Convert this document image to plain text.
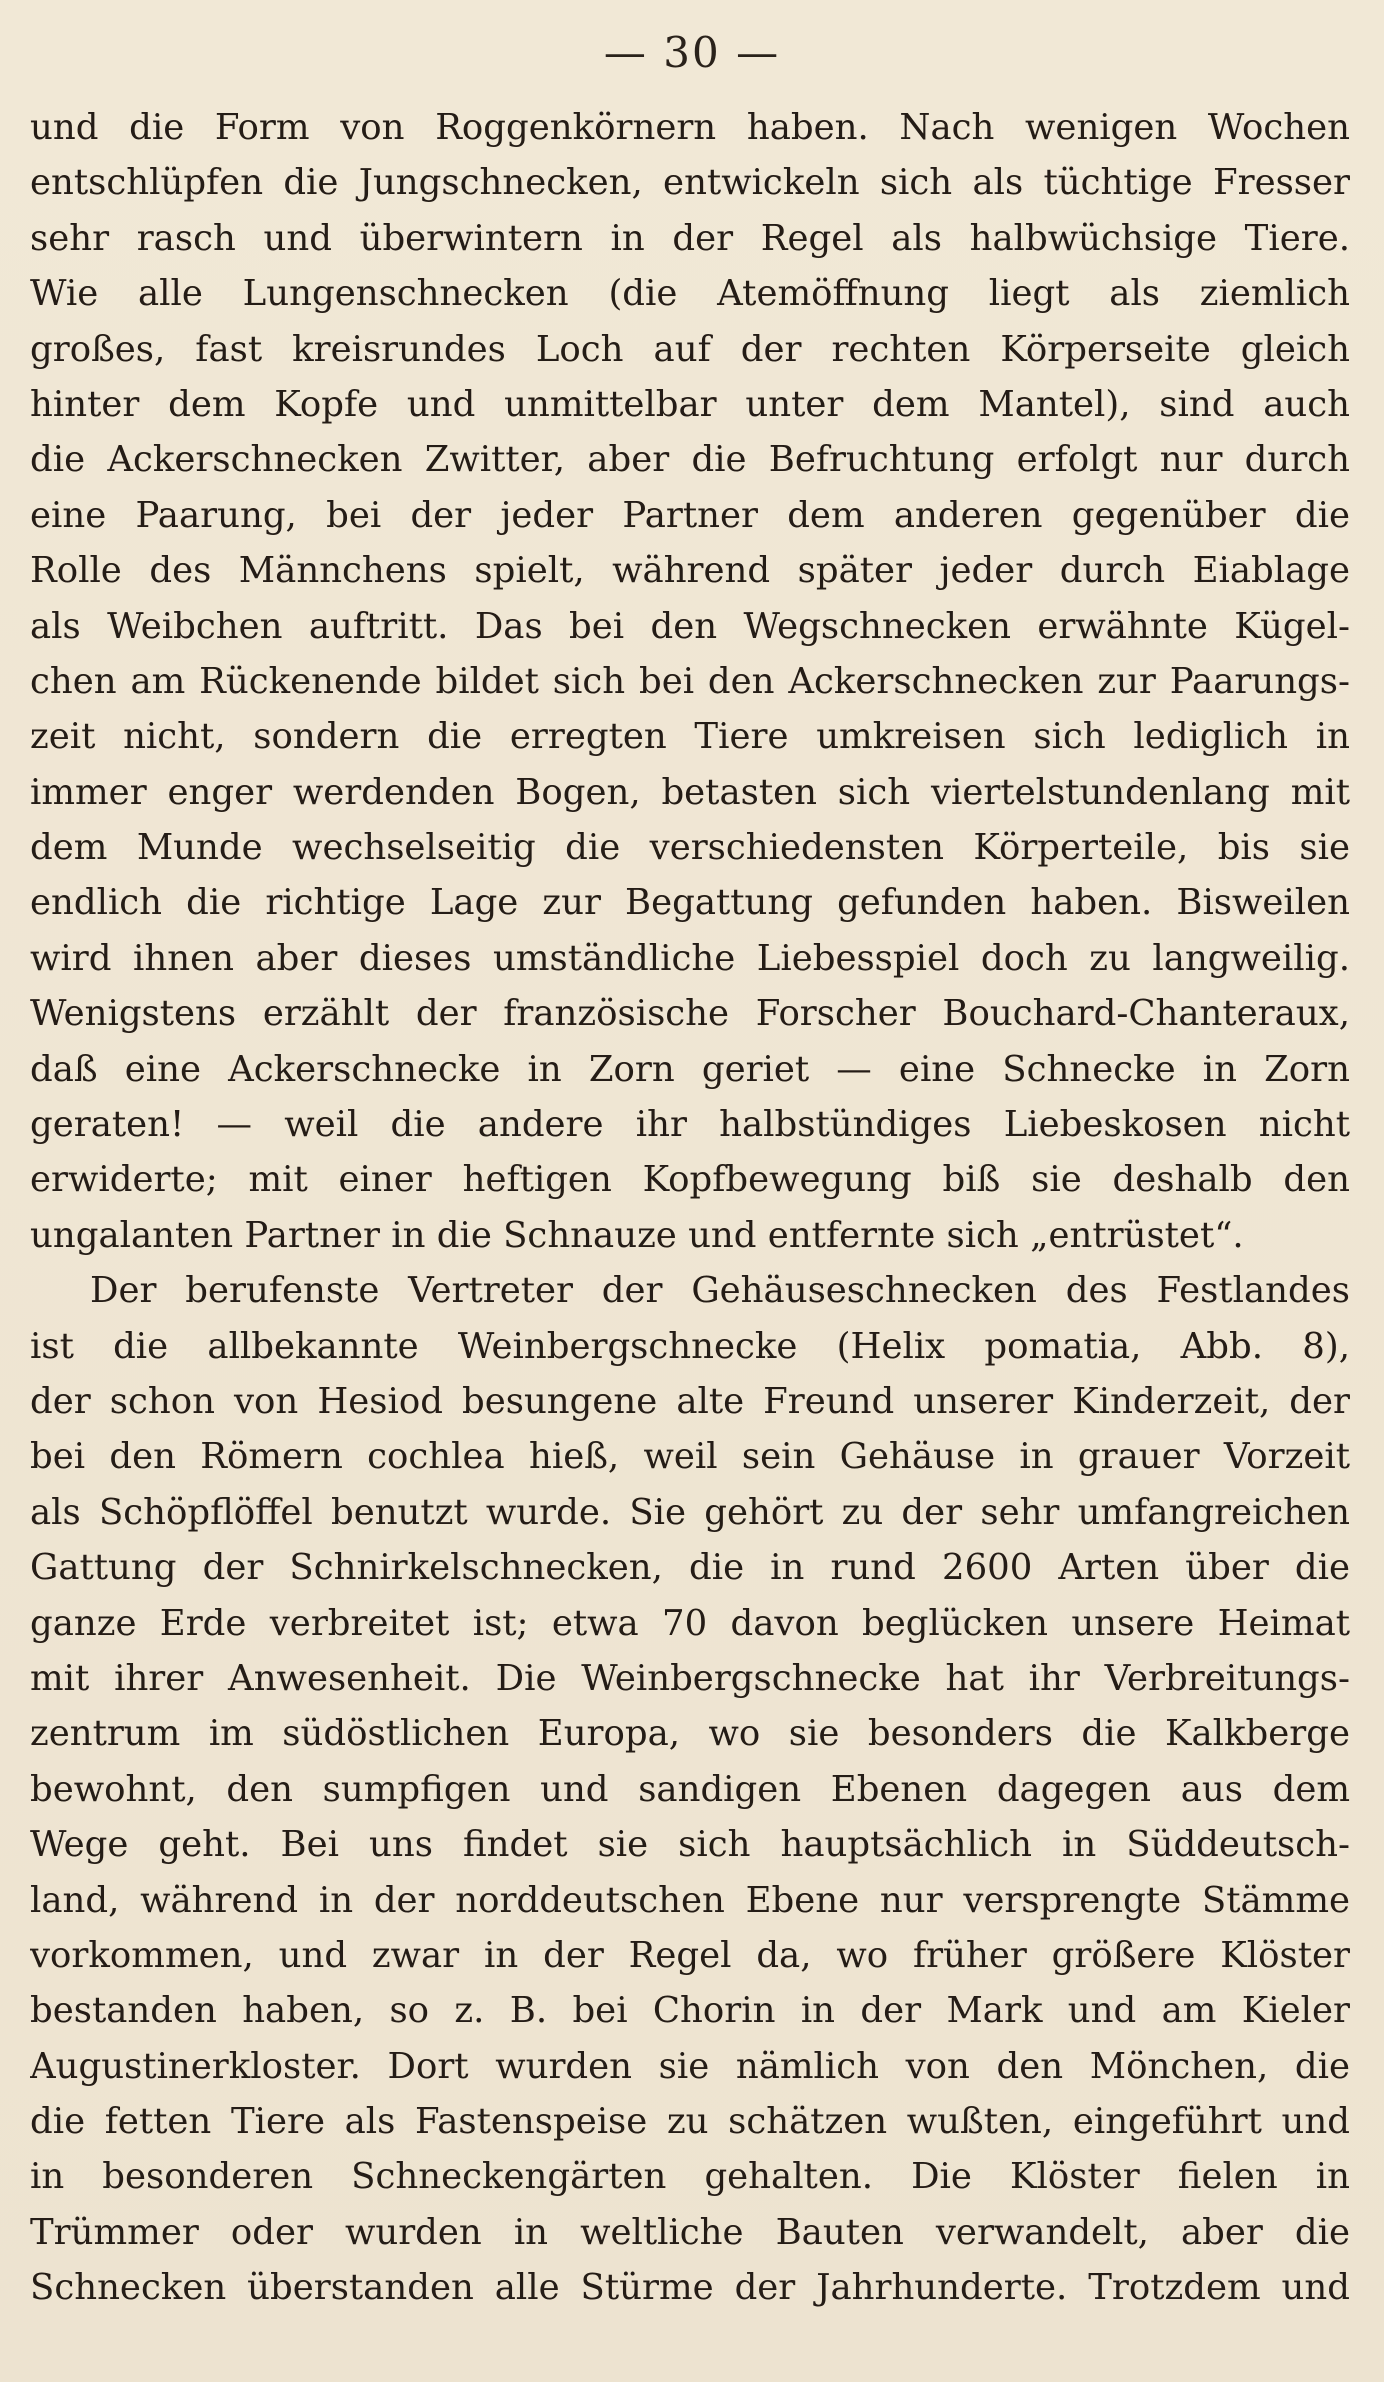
— 30 —
und die Form von Roggenkörnern haben. Nach wenigen Wochen
entschlüpfen die Jungschnecken, entwickeln sich als tüchtige Fresser
sehr rasch und überwintern in der Regel als halbwüchsige Tiere.
Wie alle Lungenschnecken (die Atemöffnung liegt als ziemlich
großes, fast kreisrundes Loch auf der rechten Körperseite gleich
hinter dem Kopfe und unmittelbar unter dem Mantel), sind auch
die Ackerschnecken Zwitter, aber die Befruchtung erfolgt nur durch
eine Paarung, bei der jeder Partner dem anderen gegenüber die
Rolle des Männchens spielt, während später jeder durch Eiablage
als Weibchen auftritt. Das bei den Wegschnecken erwähnte Kügel-
chen am Rückenende bildet sich bei den Ackerschnecken zur Paarungs-
zeit nicht, sondern die erregten Tiere umkreisen sich lediglich in
immer enger werdenden Bogen, betasten sich viertelstundenlang mit
dem Munde wechselseitig die verschiedensten Körperteile, bis sie
endlich die richtige Lage zur Begattung gefunden haben. Bisweilen
wird ihnen aber dieses umständliche Liebesspiel doch zu langweilig.
Wenigstens erzählt der französische Forscher Bouchard-Chanteraux,
daß eine Ackerschnecke in Zorn geriet — eine Schnecke in Zorn
geraten! — weil die andere ihr halbstündiges Liebeskosen nicht
erwiderte; mit einer heftigen Kopfbewegung biß sie deshalb den
ungalanten Partner in die Schnauze und entfernte sich „entrüstet“.
Der berufenste Vertreter der Gehäuseschnecken des Festlandes
ist die allbekannte Weinbergschnecke (Helix pomatia, Abb. 8),
der schon von Hesiod besungene alte Freund unserer Kinderzeit, der
bei den Römern cochlea hieß, weil sein Gehäuse in grauer Vorzeit
als Schöpflöffel benutzt wurde. Sie gehört zu der sehr umfangreichen
Gattung der Schnirkelschnecken, die in rund 2600 Arten über die
ganze Erde verbreitet ist; etwa 70 davon beglücken unsere Heimat
mit ihrer Anwesenheit. Die Weinbergschnecke hat ihr Verbreitungs-
zentrum im südöstlichen Europa, wo sie besonders die Kalkberge
bewohnt, den sumpfigen und sandigen Ebenen dagegen aus dem
Wege geht. Bei uns findet sie sich hauptsächlich in Süddeutsch-
land, während in der norddeutschen Ebene nur versprengte Stämme
vorkommen, und zwar in der Regel da, wo früher größere Klöster
bestanden haben, so z. B. bei Chorin in der Mark und am Kieler
Augustinerkloster. Dort wurden sie nämlich von den Mönchen, die
die fetten Tiere als Fastenspeise zu schätzen wußten, eingeführt und
in besonderen Schneckengärten gehalten. Die Klöster fielen in
Trümmer oder wurden in weltliche Bauten verwandelt, aber die
Schnecken überstanden alle Stürme der Jahrhunderte. Trotzdem und
